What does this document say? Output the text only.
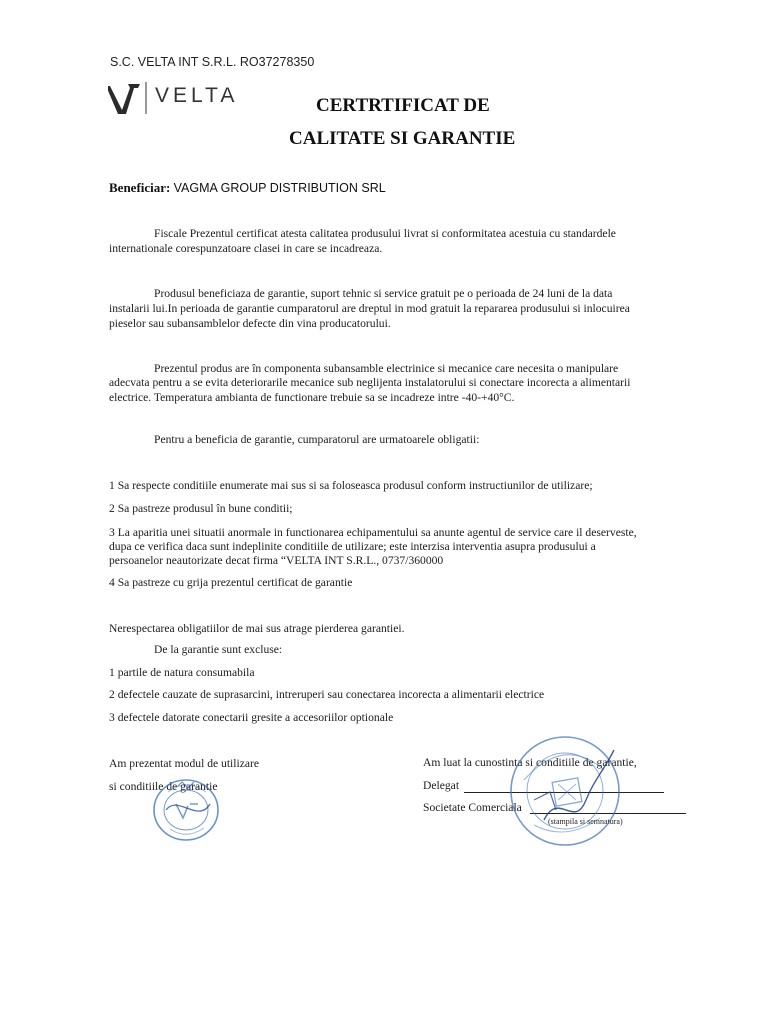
S.C. VELTA INT S.R.L. RO37278350
VELTA	CERTRTIFICAT DE
CALITATE SI GARANTIE
Beneficiar: VAGMA GROUP DISTRIBUTION SRL
Fiscale Prezentul certificat atesta calitatea produsului livrat si conformitatea acestuia cu standardele
internationale corespunzatoare clasei in care se incadreaza.
Produsul beneficiaza de garantie, suport tehnic si service gratuit pe o perioada de 24 luni de la data
instalarii lui.In perioada de garantie cumparatorul are dreptul in mod gratuit la repararea produsului si inlocuirea
pieselor sau subansamblelor defecte din vina producatorului.
Prezentul produs are în componenta subansamble electrinice si mecanice care necesita o manipulare
adecvata pentru a se evita deteriorarile mecanice sub neglijenta instalatorului si conectare incorecta a alimentarii
electrice. Temperatura ambianta de functionare trebuie sa se incadreze intre -40-+40°C.
Pentru a beneficia de garantie, cumparatorul are urmatoarele obligatii:
1 Sa respecte conditiile enumerate mai sus si sa foloseasca produsul conform instructiunilor de utilizare;
2 Sa pastreze produsul în bune conditii;
3 La aparitia unei situatii anormale in functionarea echipamentului sa anunte agentul de service care il deserveste,
dupa ce verifica daca sunt indeplinite conditiile de utilizare; este interzisa interventia asupra produsului a
persoanelor neautorizate decat firma “VELTA INT S.R.L., 0737/360000
4 Sa pastreze cu grija prezentul certificat de garantie
Nerespectarea obligatiilor de mai sus atrage pierderea garantiei.
De la garantie sunt excluse:
1 partile de natura consumabila
2 defectele cauzate de suprasarcini, intreruperi sau conectarea incorecta a alimentarii electrice
3 defectele datorate conectarii gresite a accesoriilor optionale
Am prezentat modul de utilizare
si conditiile de garantie
Am luat la cunostinta si conditiile de garantie,
Delegat
Societate Comerciala
(stampila si semnatura)
